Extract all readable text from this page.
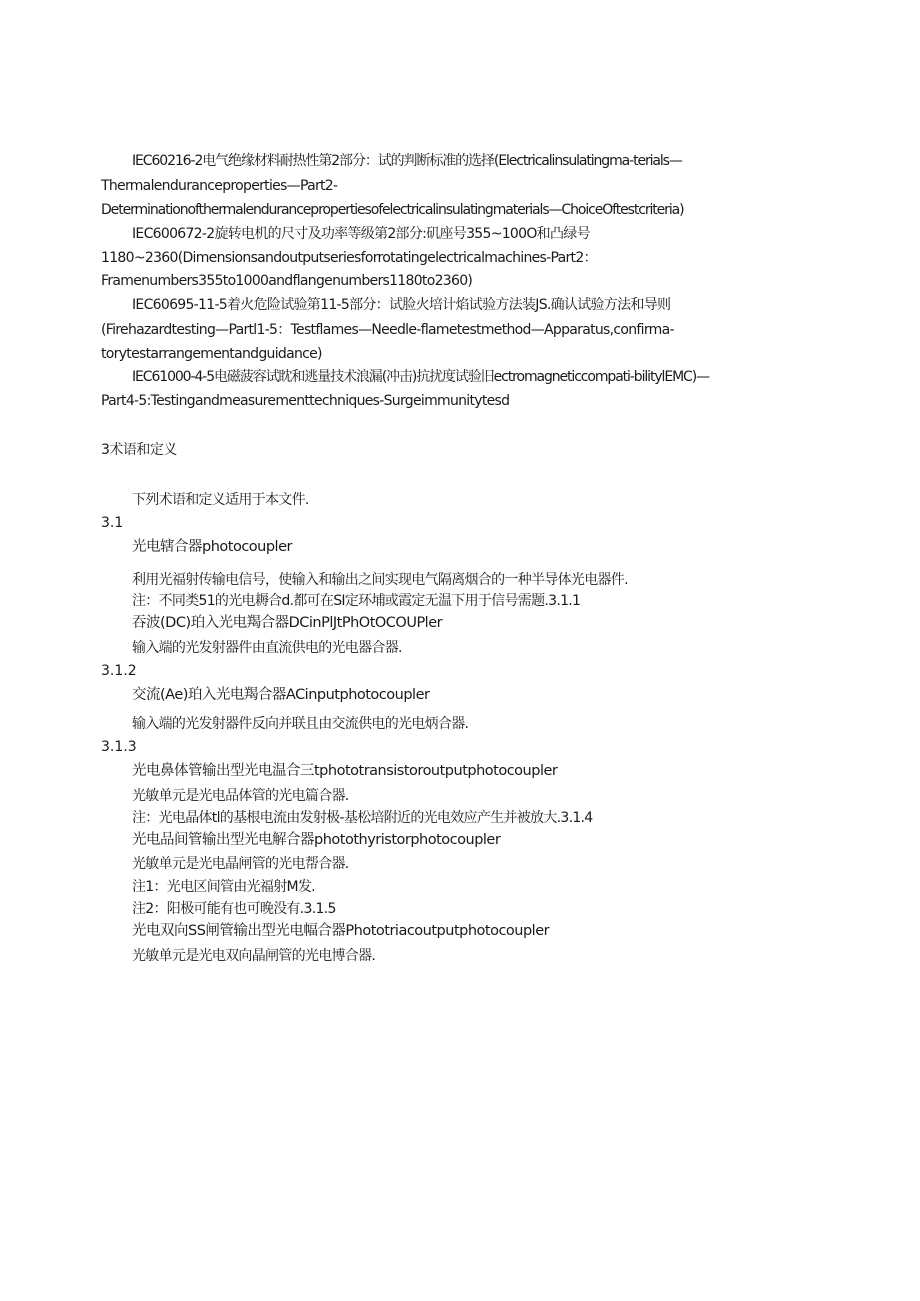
IEC60216-2电气绝缘材料耐热性第2部分：试的判断标准的选择(Electricalinsulatingma-terials—
Thermalenduranceproperties—Part2-
Determinationofthermalendurancepropertiesofelectricalinsulatingmaterials—ChoiceOftestcriteria)
IEC600672-2旋转电机的尺寸及功率等级第2部分:矶座号355~100O和凸绿号
1180~2360(Dimensionsandoutputseriesforrotatingelectricalmachines-Part2：
Framenumbers355to1000andflangenumbers1180to2360)
IEC60695-11-5着火危险试验第11-5部分：试脸火培计焰试验方法装JS.确认试验方法和导则
(Firehazardtesting—Partl1-5：Testflames—Needle-flametestmethod—Apparatus,confirma-
torytestarrangementandguidance)
IEC61000-4-5电磁菠容试眈和逃量技术浪漏(冲击)抗扰度试验旧ectromagneticcompati-bilitylEMC)—
Part4-5:Testingandmeasurementtechniques-Surgeimmunitytesd
3术语和定义
下列术语和定义适用于本文件.
3.1
光电辖合器photocoupler
利用光福射传输电信号，使输入和输出之间实现电气隔离烟合的一种半导体光电器件.
注：不同类51的光电耨合d.都可在SI定环埔或霞定无温下用于信号需题.3.1.1
吞波(DC)珀入光电羯合器DCinPlJtPhOtOCOUPler
输入端的光发射器件由直流供电的光电器合器.
3.1.2
交流(Ae)珀入光电羯合器ACinputphotocoupler
输入端的光发射器件反向并联且由交流供电的光电炳合器.
3.1.3
光电鼻体管输出型光电温合三tphototransistoroutputphotocoupler
光敏单元是光电品体管的光电篇合器.
注：光电晶体tl的基根电流由发射极-基松培附近的光电效应产生并被放大.3.1.4
光电品间管输出型光电解合器photothyristorphotocoupler
光敏单元是光电晶闸管的光电帮合器.
注1：光电区间管由光福射M发.
注2：阳极可能有也可晚没有.3.1.5
光电双向SS闸管输出型光电幅合器Phototriacoutputphotocoupler
光敏单元是光电双向晶闸管的光电博合器.
